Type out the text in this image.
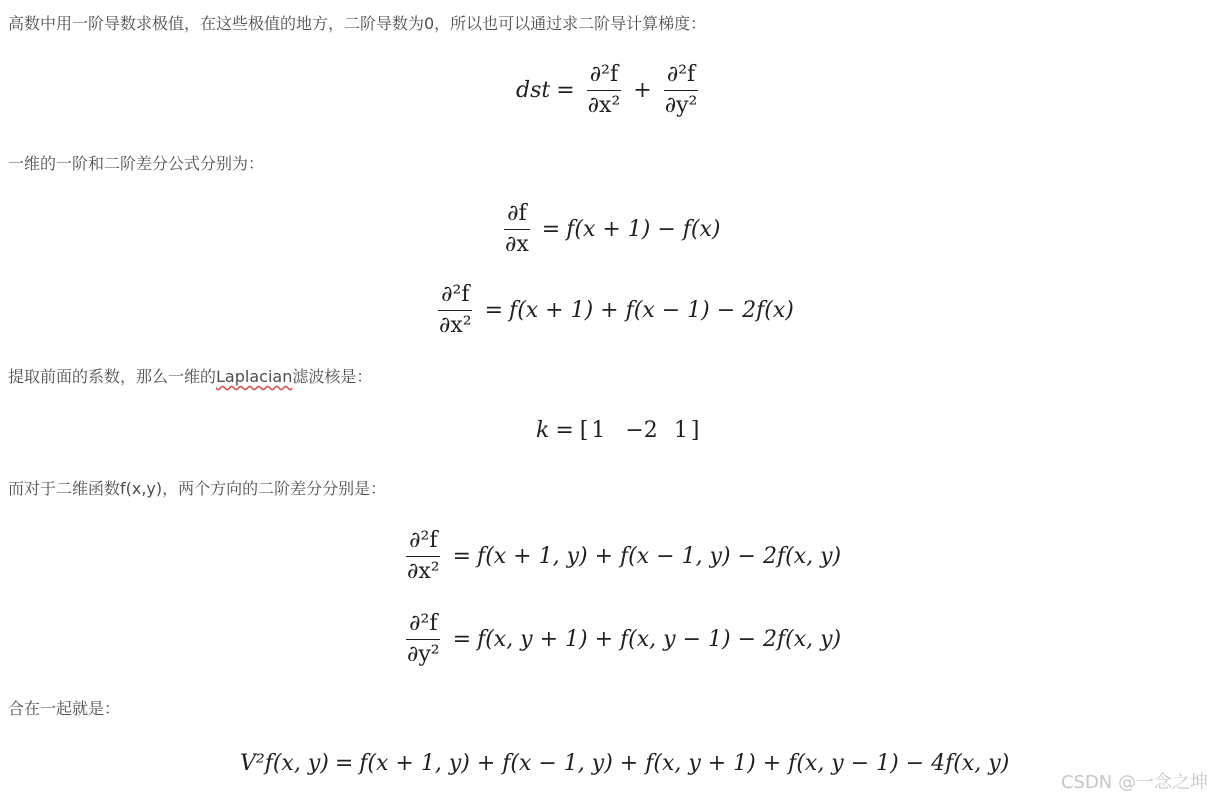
高数中用一阶导数求极值，在这些极值的地方，二阶导数为0，所以也可以通过求二阶导计算梯度：

dst = $\frac{\text{∂²f}}{\text{∂x²}} + \frac{\text{∂²f}}{\text{∂y²}}$

一维的一阶和二阶差分公式分别为：

$\frac{\partial f}{\partial x} = f(x + 1) - f(x)$
$\frac{\text{∂²f}}{\text{∂x²}} = f(x + 1) + f(x - 1) - 2f(x)$

提取前面的系数，那么一维的Laplacian滤波核是：

k = [ 1 −2 1 ]

而对于二维函数f(x,y)，两个方向的二阶差分分别是：

$\frac{\text{∂²f}}{\text{∂x²}} = f(x + 1$, y) + f(x − 1, y) − 2f(x, y)
$\frac{\text{∂²f}}{\text{∂y²}} = f(x$, y + 1) + f(x, y − 1) − 2f(x, y)

合在一起就是：

V²f(x, y) = f(x + 1, y) + f(x − 1, y) + f(x, y + 1) + f(x, y − 1) − 4f(x, y)
CSDN @一念之坤
